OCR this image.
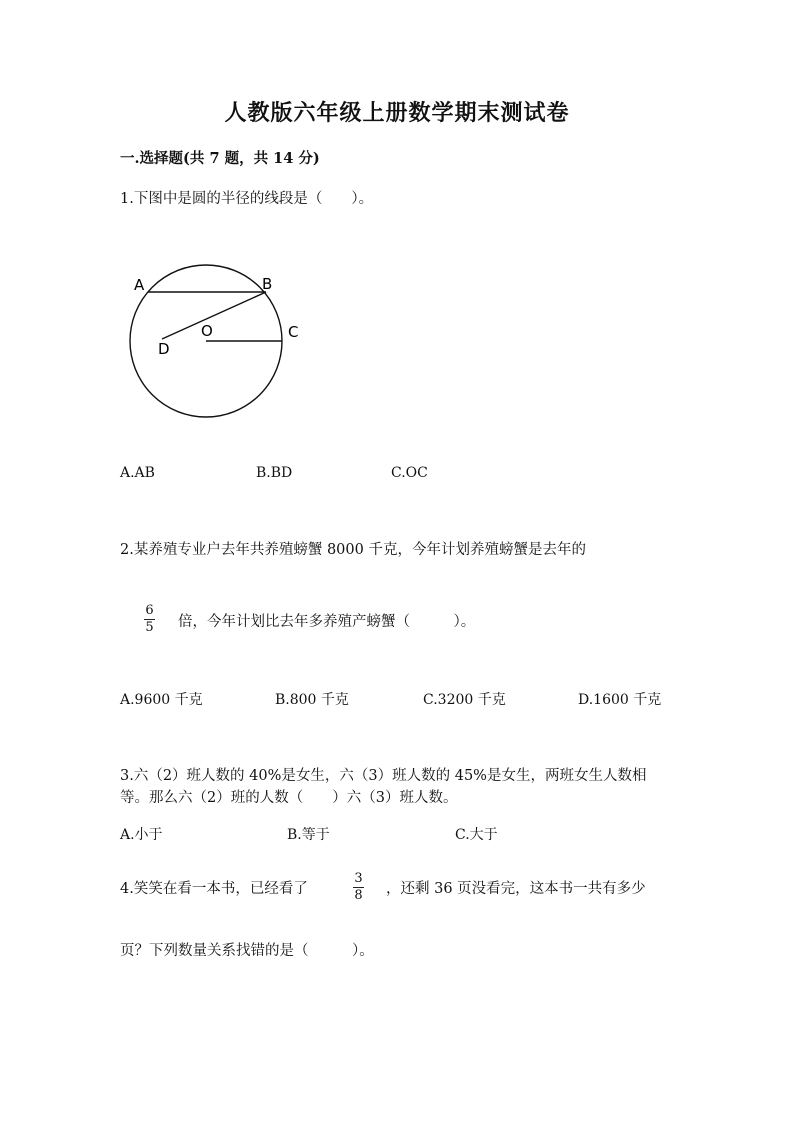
人教版六年级上册数学期末测试卷
一.选择题(共 7 题，共 14 分)
1.下图中是圆的半径的线段是（　　）。
A	B
C
D
O
A.AB	B.BD	C.OC
2.某养殖专业户去年共养殖螃蟹 8000 千克，今年计划养殖螃蟹是去年的
6
5 倍，今年计划比去年多养殖产螃蟹（　　　）。
A.9600 千克	B.800 千克	C.3200 千克	D.1600 千克
3.六（2）班人数的 40%是女生，六（3）班人数的 45%是女生，两班女生人数相
等。那么六（2）班的人数（　　）六（3）班人数。
A.小于	B.等于	C.大于
4.笑笑在看一本书，已经看了
3
8 ，还剩 36 页没看完，这本书一共有多少
页？下列数量关系找错的是（　　　）。
